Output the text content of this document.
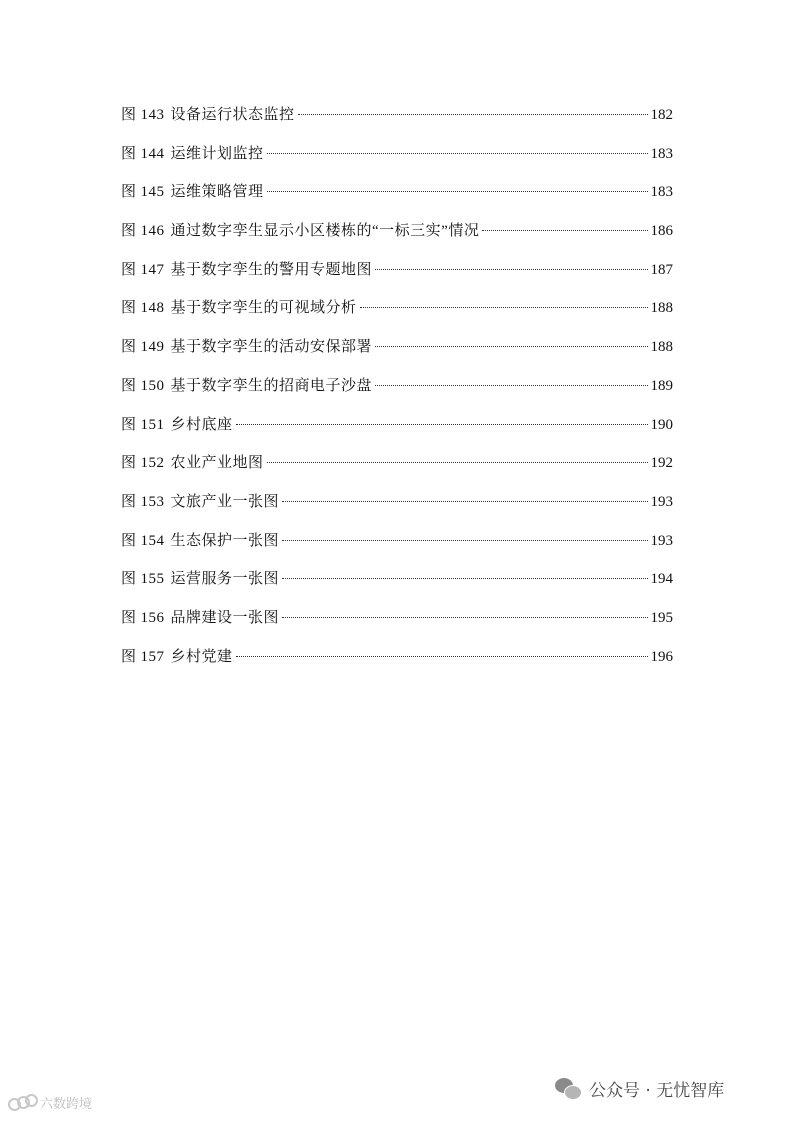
图 143 设备运行状态监控	182
图 144 运维计划监控	183
图 145 运维策略管理	183
图 146 通过数字孪生显示小区楼栋的“一标三实”情况	186
图 147 基于数字孪生的警用专题地图	187
图 148 基于数字孪生的可视域分析	188
图 149 基于数字孪生的活动安保部署	188
图 150 基于数字孪生的招商电子沙盘	189
图 151 乡村底座	190
图 152 农业产业地图	192
图 153 文旅产业一张图	193
图 154 生态保护一张图	193
图 155 运营服务一张图	194
图 156 品牌建设一张图	195
图 157 乡村党建	196
公众号 · 无忧智库
六数跨境
